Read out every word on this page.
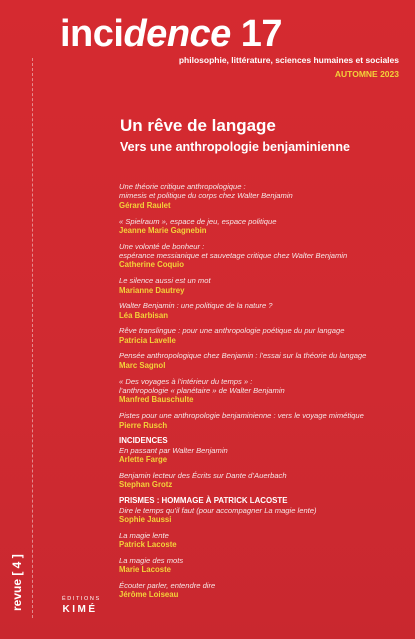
incidence 17
philosophie, littérature, sciences humaines et sociales
AUTOMNE 2023
Un rêve de langage
Vers une anthropologie benjaminienne
Une théorie critique anthropologique :
mimesis et politique du corps chez Walter Benjamin
Gérard Raulet
« Spielraum », espace de jeu, espace politique
Jeanne Marie Gagnebin
Une volonté de bonheur :
espérance messianique et sauvetage critique chez Walter Benjamin
Catherine Coquio
Le silence aussi est un mot
Marianne Dautrey
Walter Benjamin : une politique de la nature ?
Léa Barbisan
Rêve translingue : pour une anthropologie poétique du pur langage
Patricia Lavelle
Pensée anthropologique chez Benjamin : l’essai sur la théorie du langage
Marc Sagnol
« Des voyages à l’intérieur du temps » :
l’anthropologie « planétaire » de Walter Benjamin
Manfred Bauschulte
Pistes pour une anthropologie benjaminienne : vers le voyage mimétique
Pierre Rusch
INCIDENCES
En passant par Walter Benjamin
Arlette Farge
Benjamin lecteur des Écrits sur Dante d’Auerbach
Stephan Grotz
PRISMES : HOMMAGE À PATRICK LACOSTE
Dire le temps qu’il faut (pour accompagner La magie lente)
Sophie Jaussi
La magie lente
Patrick Lacoste
La magie des mots
Marie Lacoste
Écouter parler, entendre dire
Jérôme Loiseau
revue [ 4 ]	ÉDITIONS
KIMÉ
